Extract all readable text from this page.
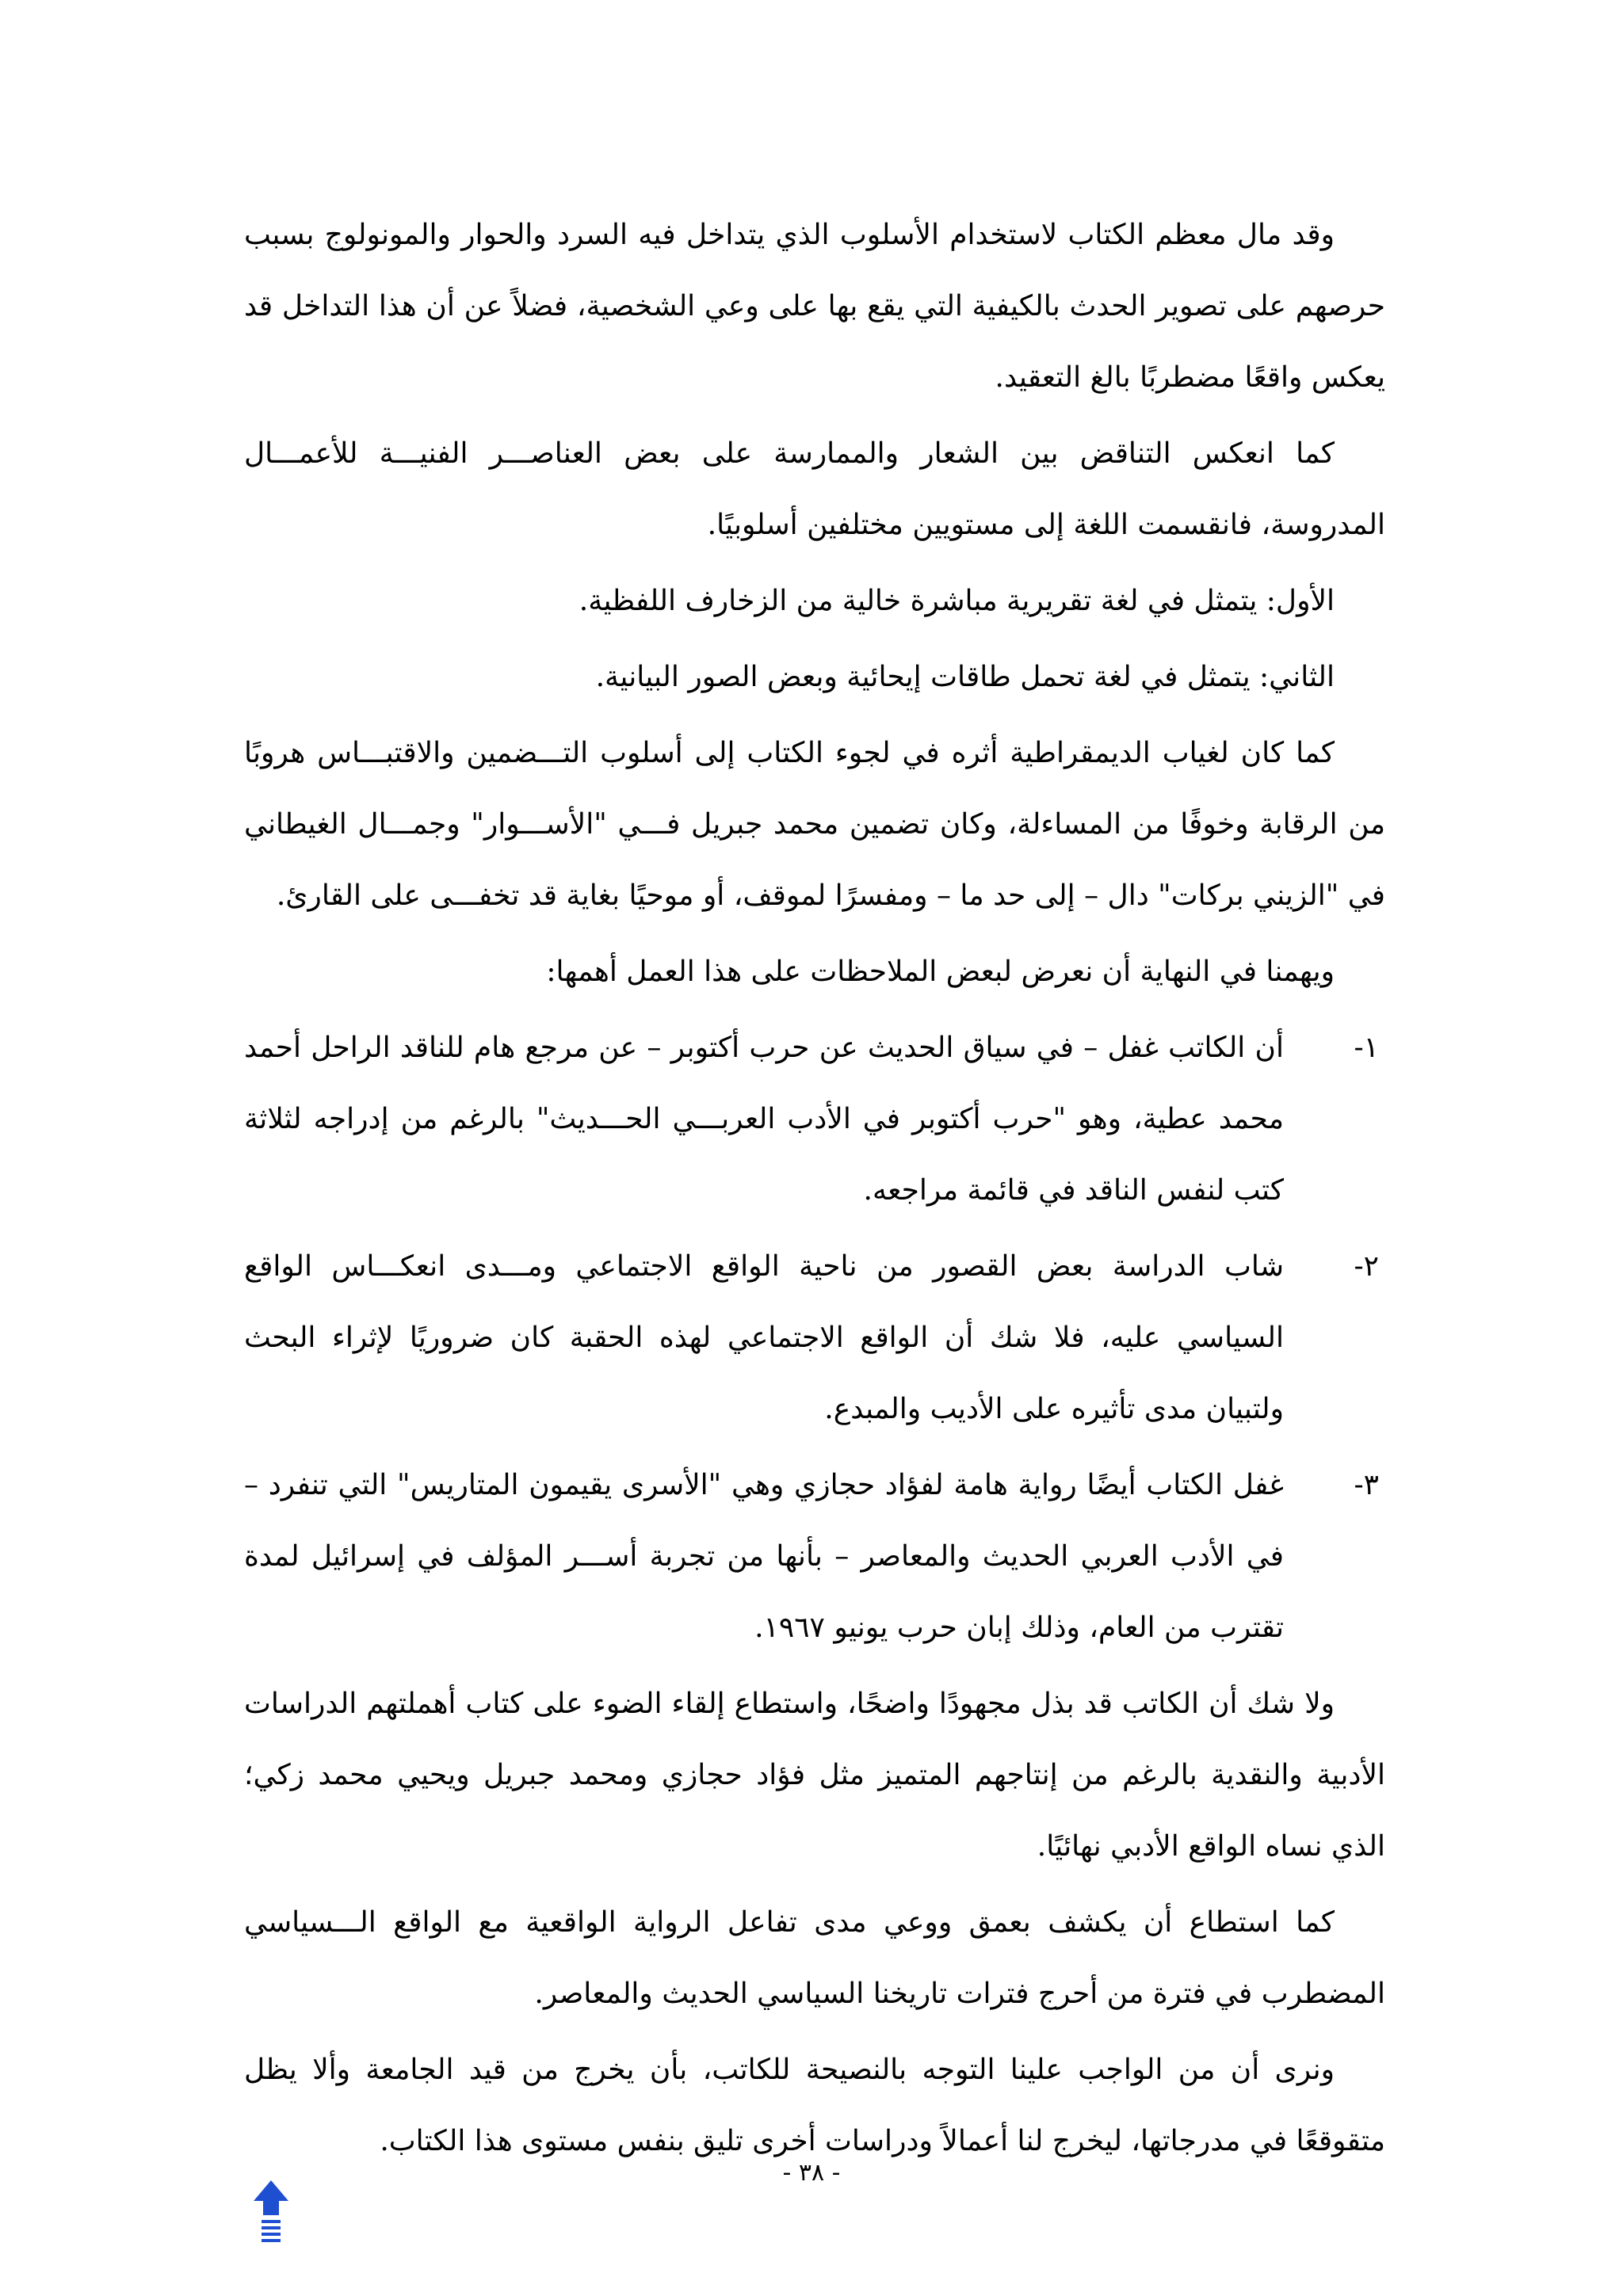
وقد مال معظم الكتاب لاستخدام الأسلوب الذي يتداخل فيه السرد والحوار والمونولوج بسبب حرصهم على تصوير الحدث بالكيفية التي يقع بها على وعي الشخصية، فضلاً عن أن هذا التداخل قد يعكس واقعًا مضطربًا بالغ التعقيد.

كما انعكس التناقض بين الشعار والممارسة على بعض العناصـــر الفنيـــة للأعمـــال المدروسة، فانقسمت اللغة إلى مستويين مختلفين أسلوبيًا.

الأول: يتمثل في لغة تقريرية مباشرة خالية من الزخارف اللفظية.

الثاني: يتمثل في لغة تحمل طاقات إيحائية وبعض الصور البيانية.

كما كان لغياب الديمقراطية أثره في لجوء الكتاب إلى أسلوب التـــضمين والاقتبـــاس هروبًا من الرقابة وخوفًا من المساءلة، وكان تضمين محمد جبريل فـــي "الأســـوار" وجمـــال الغيطاني في "الزيني بركات" دال – إلى حد ما – ومفسرًا لموقف، أو موحيًا بغاية قد تخفـــى على القارئ.

ويهمنا في النهاية أن نعرض لبعض الملاحظات على هذا العمل أهمها:

١-
أن الكاتب غفل – في سياق الحديث عن حرب أكتوبر – عن مرجع هام للناقد الراحل أحمد محمد عطية، وهو "حرب أكتوبر في الأدب العربـــي الحـــديث" بالرغم من إدراجه لثلاثة كتب لنفس الناقد في قائمة مراجعه.
٢-
شاب الدراسة بعض القصور من ناحية الواقع الاجتماعي ومـــدى انعكـــاس الواقع السياسي عليه، فلا شك أن الواقع الاجتماعي لهذه الحقبة كان ضروريًا لإثراء البحث ولتبيان مدى تأثيره على الأديب والمبدع.
٣-
غفل الكتاب أيضًا رواية هامة لفؤاد حجازي وهي "الأسرى يقيمون المتاريس" التي تنفرد – في الأدب العربي الحديث والمعاصر – بأنها من تجربة أســـر المؤلف في إسرائيل لمدة تقترب من العام، وذلك إبان حرب يونيو ١٩٦٧.

ولا شك أن الكاتب قد بذل مجهودًا واضحًا، واستطاع إلقاء الضوء على كتاب أهملتهم الدراسات الأدبية والنقدية بالرغم من إنتاجهم المتميز مثل فؤاد حجازي ومحمد جبريل ويحيي محمد زكي؛ الذي نساه الواقع الأدبي نهائيًا.

كما استطاع أن يكشف بعمق ووعي مدى تفاعل الرواية الواقعية مع الواقع الـــسياسي المضطرب في فترة من أحرج فترات تاريخنا السياسي الحديث والمعاصر.

ونرى أن من الواجب علينا التوجه بالنصيحة للكاتب، بأن يخرج من قيد الجامعة وألا يظل متقوقعًا في مدرجاتها، ليخرج لنا أعمالاً ودراسات أخرى تليق بنفس مستوى هذا الكتاب.

- ٣٨ -
